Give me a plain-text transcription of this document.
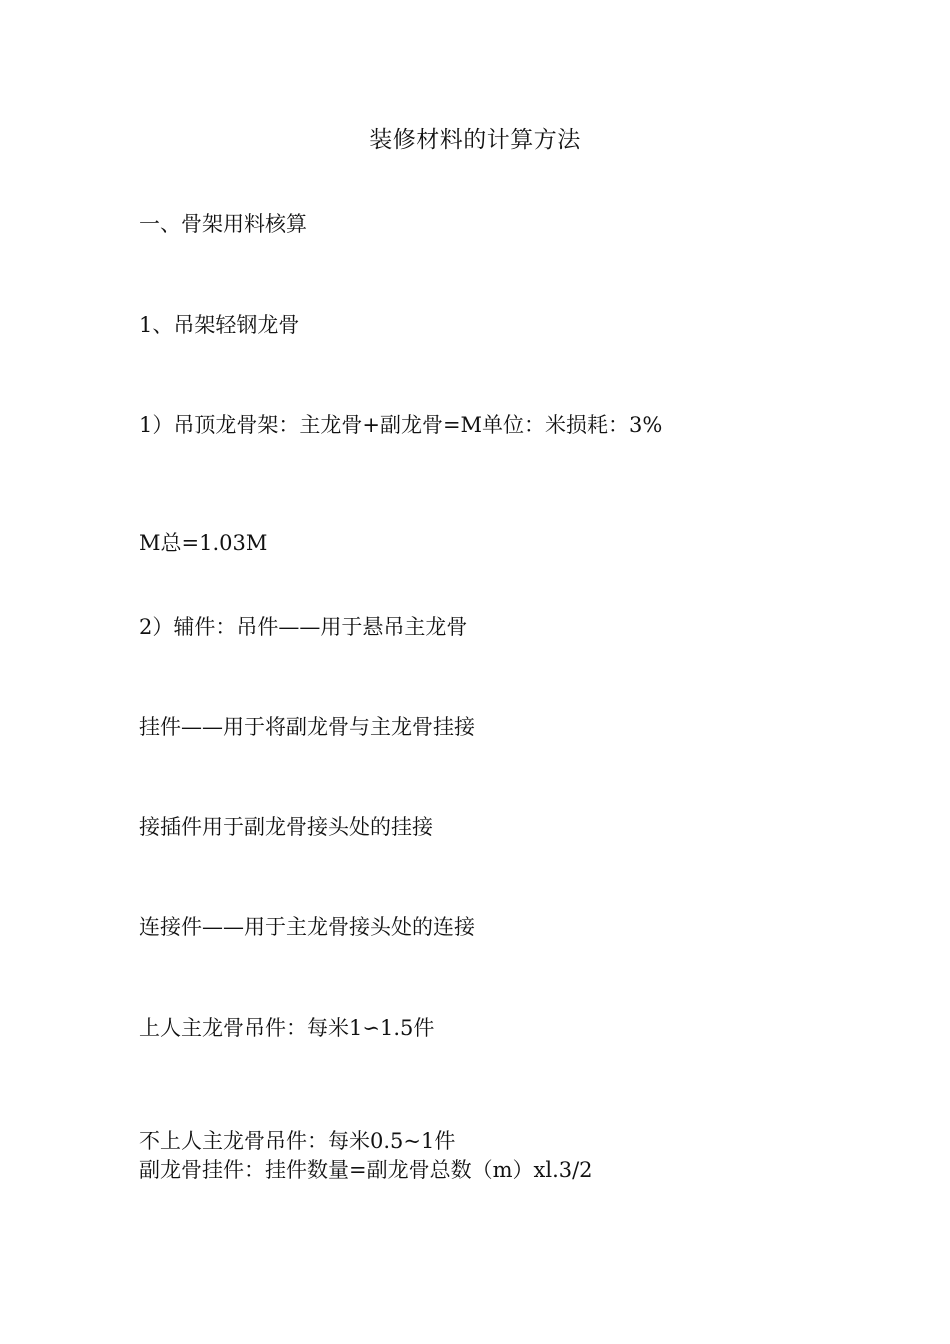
装修材料的计算方法
一、骨架用料核算
1、吊架轻钢龙骨
1）吊顶龙骨架：主龙骨+副龙骨=M单位：米损耗：3%
M总=1.03M
2）辅件：吊件——用于悬吊主龙骨
挂件——用于将副龙骨与主龙骨挂接
接插件用于副龙骨接头处的挂接
连接件——用于主龙骨接头处的连接
上人主龙骨吊件：每米1∽1.5件
不上人主龙骨吊件：每米0.5~1件
副龙骨挂件：挂件数量=副龙骨总数（m）xl.3/2
